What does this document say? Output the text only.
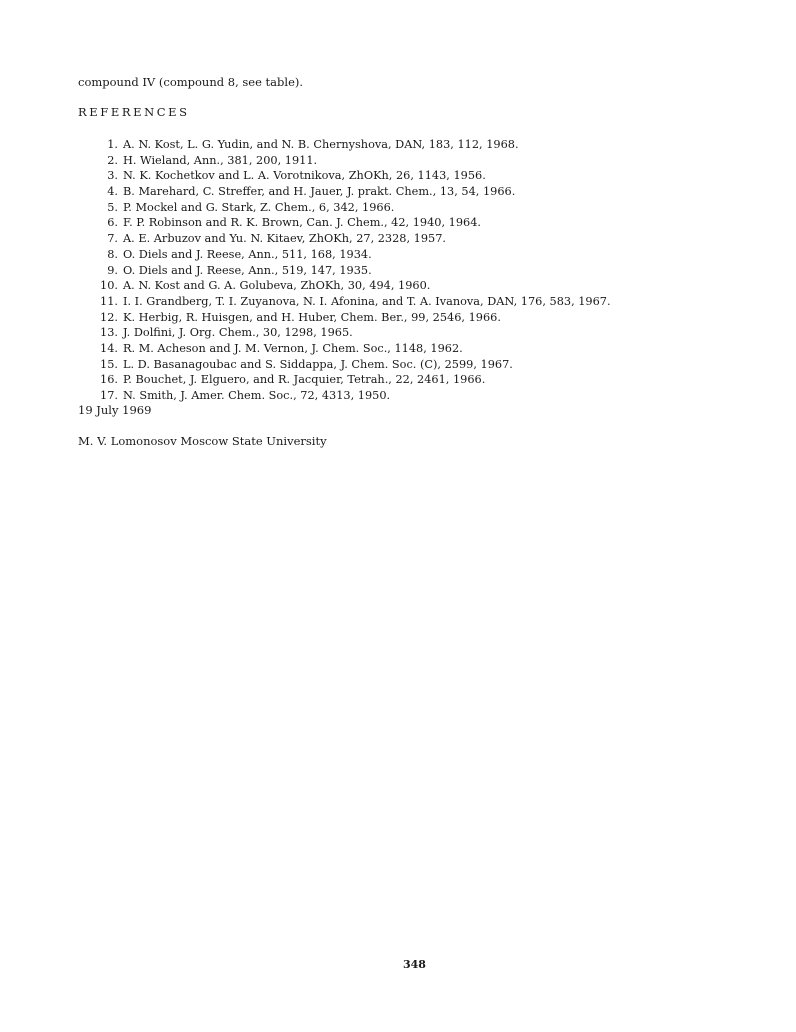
compound IV (compound 8, see table).
REFERENCES
1. A. N. Kost, L. G. Yudin, and N. B. Chernyshova, DAN, 183, 112, 1968.
2. H. Wieland, Ann., 381, 200, 1911.
3. N. K. Kochetkov and L. A. Vorotnikova, ZhOKh, 26, 1143, 1956.
4. B. Marehard, C. Streffer, and H. Jauer, J. prakt. Chem., 13, 54, 1966.
5. P. Mockel and G. Stark, Z. Chem., 6, 342, 1966.
6. F. P. Robinson and R. K. Brown, Can. J. Chem., 42, 1940, 1964.
7. A. E. Arbuzov and Yu. N. Kitaev, ZhOKh, 27, 2328, 1957.
8. O. Diels and J. Reese, Ann., 511, 168, 1934.
9. O. Diels and J. Reese, Ann., 519, 147, 1935.
10. A. N. Kost and G. A. Golubeva, ZhOKh, 30, 494, 1960.
11. I. I. Grandberg, T. I. Zuyanova, N. I. Afonina, and T. A. Ivanova, DAN, 176, 583, 1967.
12. K. Herbig, R. Huisgen, and H. Huber, Chem. Ber., 99, 2546, 1966.
13. J. Dolfini, J. Org. Chem., 30, 1298, 1965.
14. R. M. Acheson and J. M. Vernon, J. Chem. Soc., 1148, 1962.
15. L. D. Basanagoubac and S. Siddappa, J. Chem. Soc. (C), 2599, 1967.
16. P. Bouchet, J. Elguero, and R. Jacquier, Tetrah., 22, 2461, 1966.
17. N. Smith, J. Amer. Chem. Soc., 72, 4313, 1950.
19 July 1969
M. V. Lomonosov Moscow State University
348
